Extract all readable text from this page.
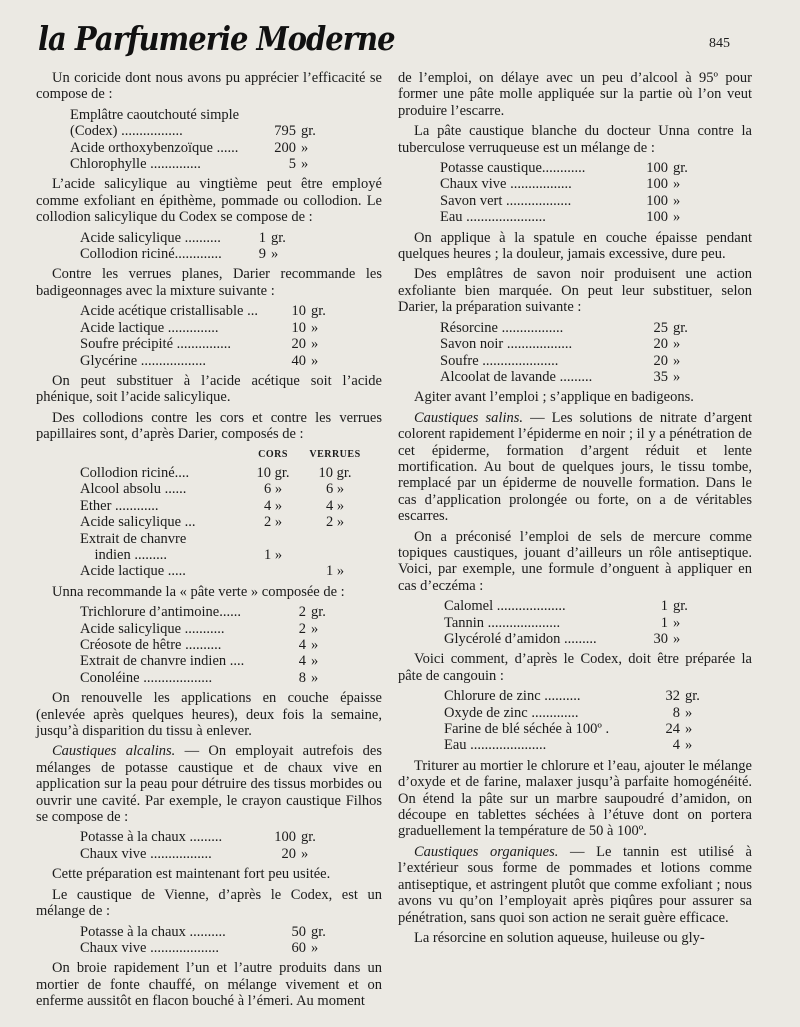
la Parfumerie Moderne	845

Un coricide dont nous avons pu apprécier l’efficacité se compose de :

Emplâtre caoutchouté simple		
(Codex) .................	795	gr.
Acide orthoxybenzoïque ......	200	»
Chlorophylle ..............	5	»

L’acide salicylique au vingtième peut être employé comme exfoliant en épithème, pommade ou collodion. Le collodion salicylique du Codex se compose de :

Acide salicylique ..........	1	gr.
Collodion riciné.............	9	»

Contre les verrues planes, Darier recommande les badigeonnages avec la mixture suivante :

Acide acétique cristallisable ...	10	gr.
Acide lactique ..............	10	»
Soufre précipité ...............	20	»
Glycérine ..................	40	»

On peut substituer à l’acide acétique soit l’acide phénique, soit l’acide salicylique.

Des collodions contre les cors et contre les verrues papillaires sont, d’après Darier, composés de :

	CORS	VERRUES
Collodion riciné....	10 gr.	10 gr.
Alcool absolu ......	6 »	6 »
Ether ............	4 »	4 »
Acide salicylique ...	2 »	2 »
Extrait de chanvre		
indien .........	1 »	
Acide lactique .....		1 »

Unna recommande la « pâte verte » composée de :

Trichlorure d’antimoine......	2	gr.
Acide salicylique ...........	2	»
Créosote de hêtre ..........	4	»
Extrait de chanvre indien ....	4	»
Conoléine ...................	8	»

On renouvelle les applications en couche épaisse (enlevée après quelques heures), deux fois la semaine, jusqu’à disparition du tissu à enlever.

Caustiques alcalins. — On employait autrefois des mélanges de potasse caustique et de chaux vive en application sur la peau pour détruire des tissus morbides ou ouvrir une cavité. Par exemple, le crayon caustique Filhos se compose de :

Potasse à la chaux .........	100	gr.
Chaux vive .................	20	»

Cette préparation est maintenant fort peu usitée.

Le caustique de Vienne, d’après le Codex, est un mélange de :

Potasse à la chaux ..........	50	gr.
Chaux vive ...................	60	»

On broie rapidement l’un et l’autre produits dans un mortier de fonte chauffé, on mélange vivement et on enferme aussitôt en flacon bouché à l’émeri. Au moment

de l’emploi, on délaye avec un peu d’alcool à 95º pour former une pâte molle appliquée sur la partie où l’on veut produire l’escarre.

La pâte caustique blanche du docteur Unna contre la tuberculose verruqueuse est un mélange de :

Potasse caustique............	100	gr.
Chaux vive .................	100	»
Savon vert ..................	100	»
Eau ......................	100	»

On applique à la spatule en couche épaisse pendant quelques heures ; la douleur, jamais excessive, dure peu.

Des emplâtres de savon noir produisent une action exfoliante bien marquée. On peut leur substituer, selon Darier, la préparation suivante :

Résorcine .................	25	gr.
Savon noir ..................	20	»
Soufre .....................	20	»
Alcoolat de lavande .........	35	»

Agiter avant l’emploi ; s’applique en badigeons.

Caustiques salins. — Les solutions de nitrate d’argent colorent rapidement l’épiderme en noir ; il y a pénétration de cet épiderme, formation d’argent réduit et lente mortification. Au bout de quelques jours, le tissu tombe, remplacé par un épiderme de nouvelle formation. Dans le cas d’application prolongée ou forte, on a de véritables escarres.

On a préconisé l’emploi de sels de mercure comme topiques caustiques, jouant d’ailleurs un rôle antiseptique. Voici, par exemple, une formule d’onguent à appliquer en cas d’eczéma :

Calomel ...................	1	gr.
Tannin ....................	1	»
Glycérolé d’amidon .........	30	»

Voici comment, d’après le Codex, doit être préparée la pâte de cangouin :

Chlorure de zinc ..........	32	gr.
Oxyde de zinc .............	8	»
Farine de blé séchée à 100º .	24	»
Eau .....................	4	»

Triturer au mortier le chlorure et l’eau, ajouter le mélange d’oxyde et de farine, malaxer jusqu’à parfaite homogénéité. On étend la pâte sur un marbre saupoudré d’amidon, on découpe en tablettes séchées à l’étuve dont on portera graduellement la température de 50 à 100º.

Caustiques organiques. — Le tannin est utilisé à l’extérieur sous forme de pommades et lotions comme antiseptique, et astringent plutôt que comme exfoliant ; nous avons vu qu’on l’employait après piqûres pour assurer sa pénétration, sans quoi son action ne serait guère efficace.

La résorcine en solution aqueuse, huileuse ou gly-
